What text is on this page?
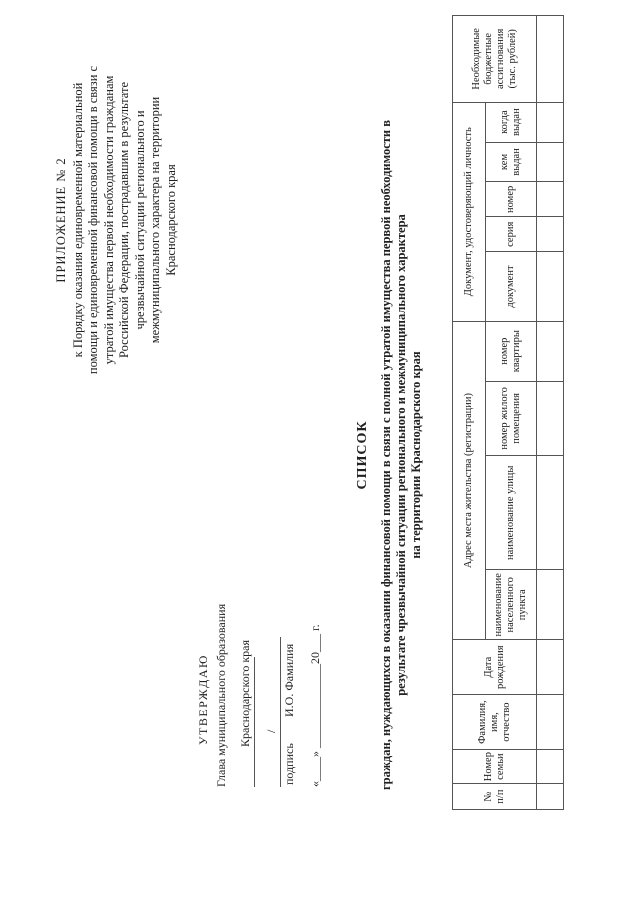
ПРИЛОЖЕНИЕ № 2 к Порядку оказания единовременной материальной помощи и единовременной финансовой помощи в связи с утратой имущества первой необходимости гражданам Российской Федерации, пострадавшим в результате чрезвычайной ситуации регионального и межмуниципального характера на территории Краснодарского края
УТВЕРЖДАЮ Глава муниципального образования Краснодарского края /
подпись
И.О. Фамилия «____» ______________20___ г.
СПИСОК граждан, нуждающихся в оказании финансовой помощи в связи с полной утратой имущества первой необходимости в результате чрезвычайной ситуации регионального и межмуниципального характера на территории Краснодарского края
№ п/п	Номер семьи	Фамилия, имя, отчество	Дата рождения	Адрес места жительства (регистрации)				Документ, удостоверяющий личность					Необходимые бюджетные ассигнования (тыс. рублей)
				наименование населенного пункта	наименование улицы	номер жилого помещения	номер квартиры	документ	серия	номер	кем выдан	когда выдан	
